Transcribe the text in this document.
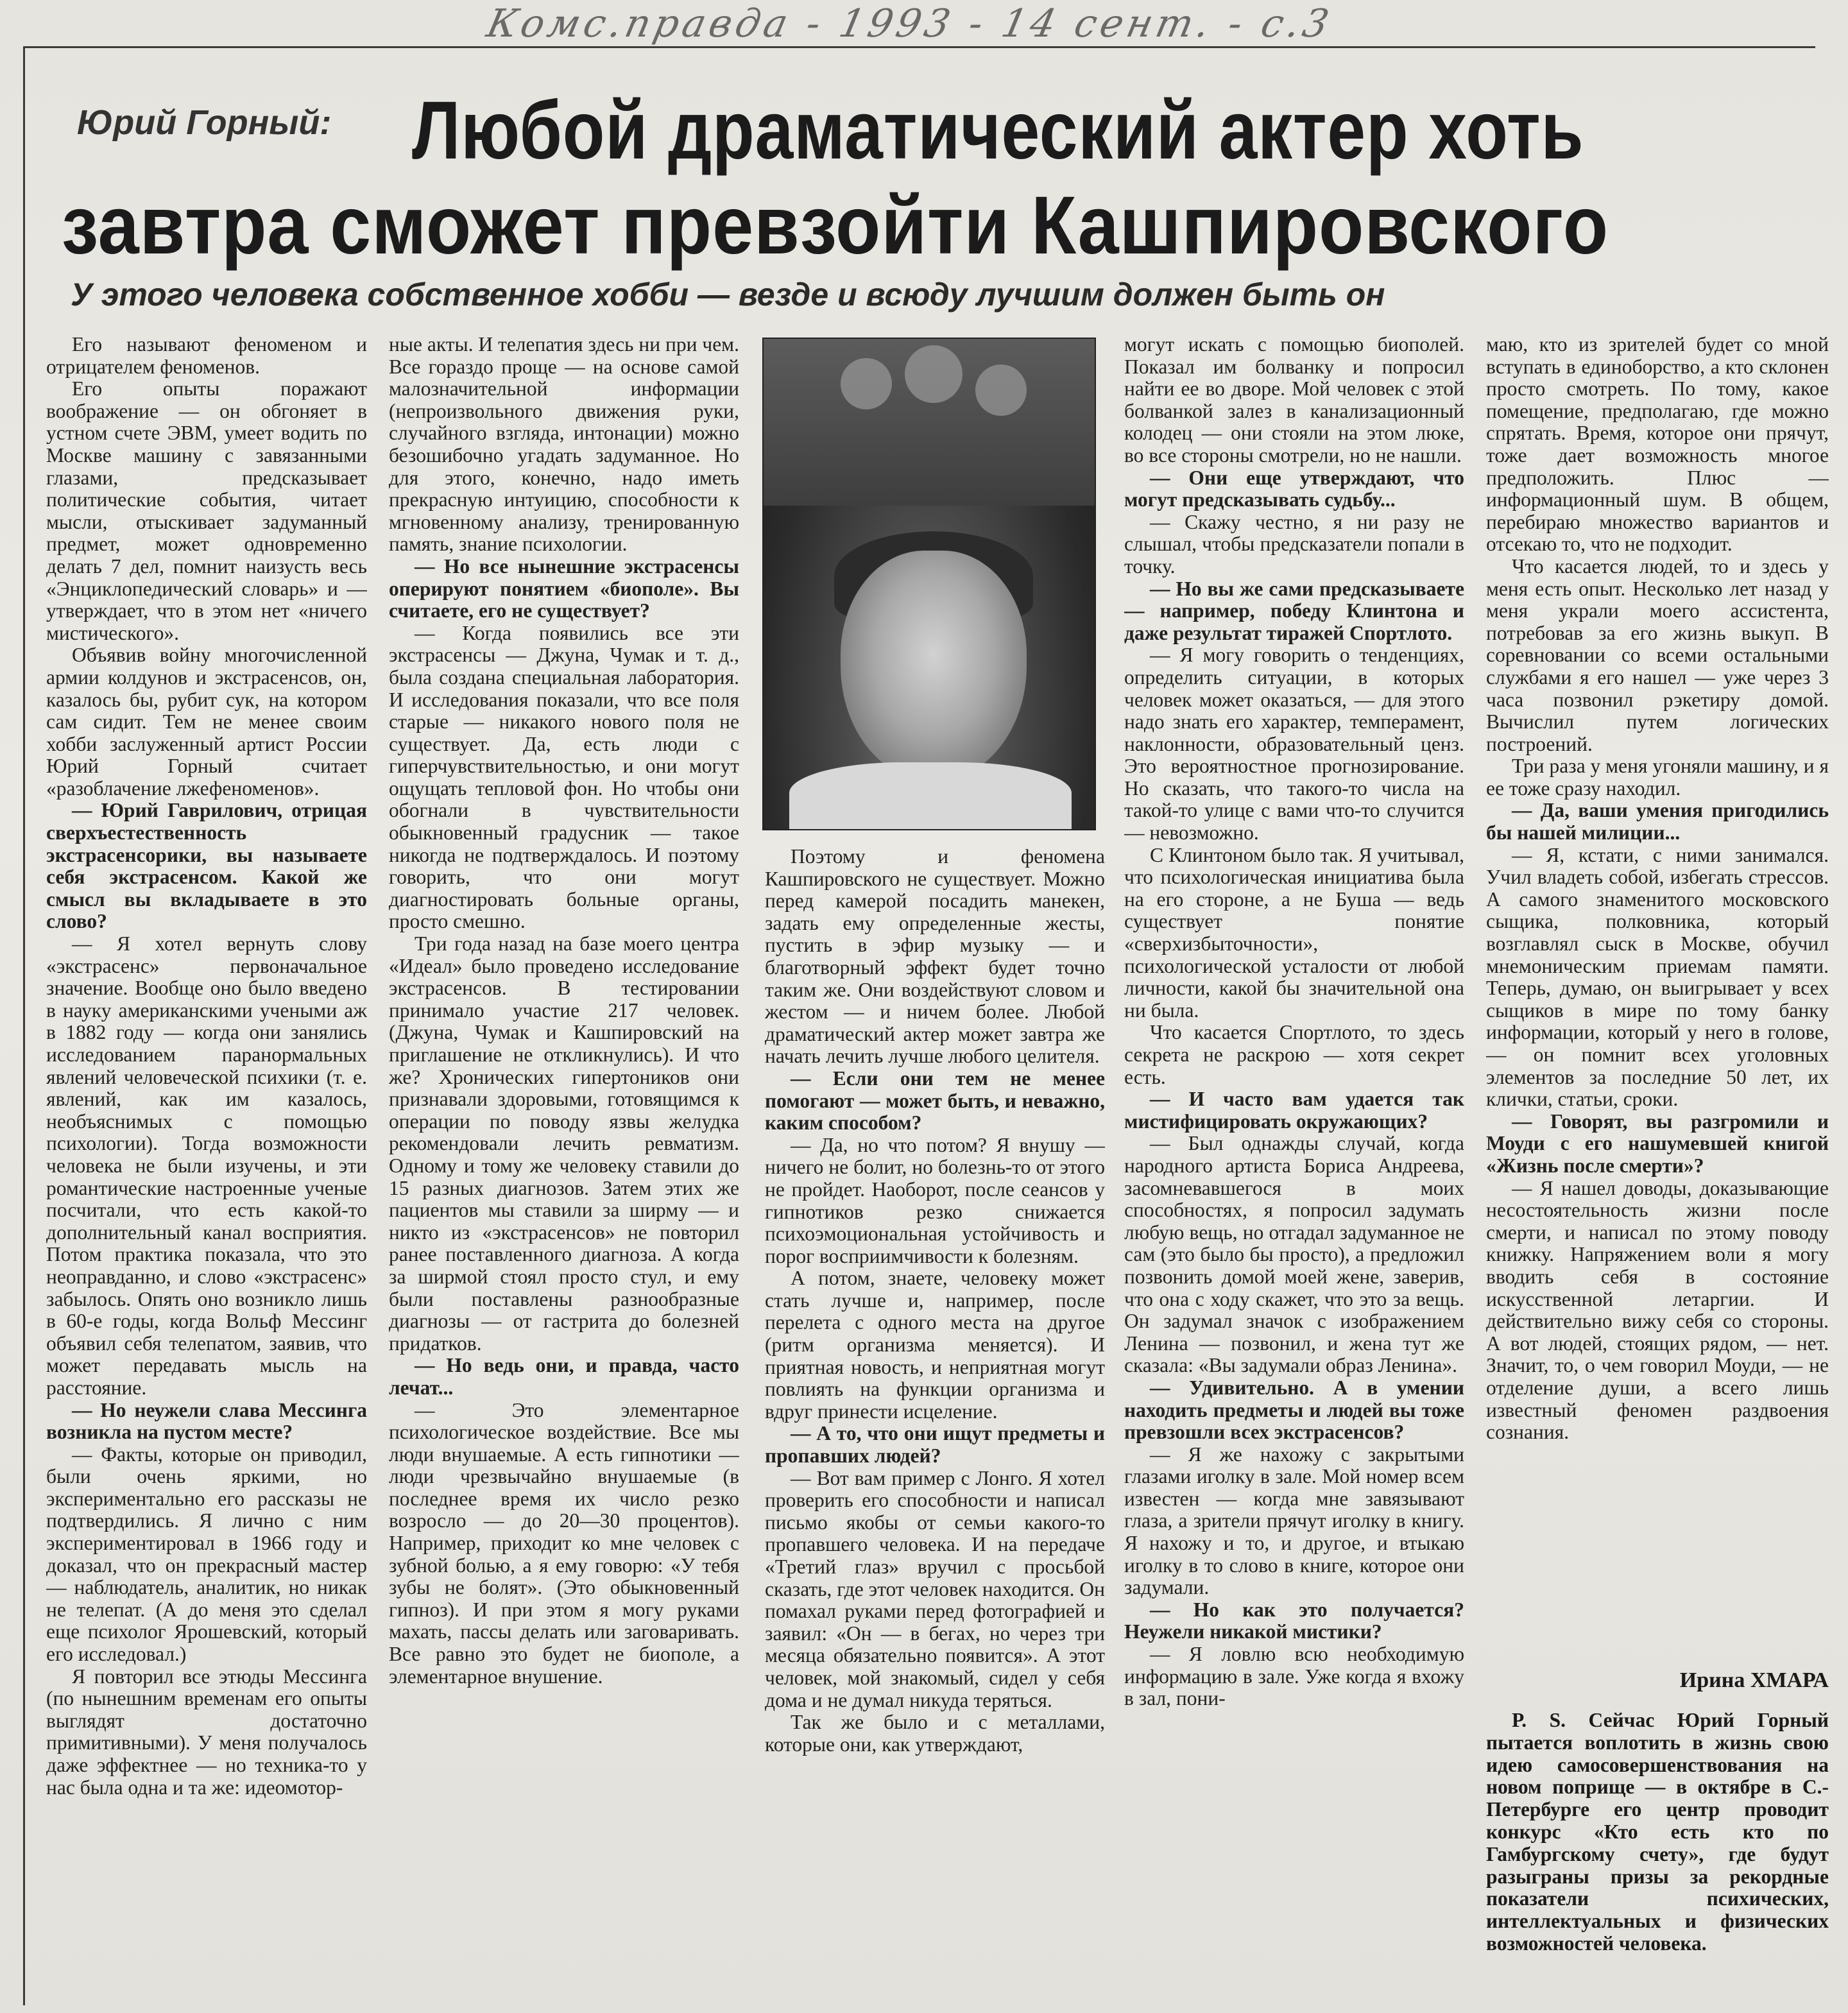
Комс.правда - 1993 - 14 сент. - с.3
Юрий Горный: Любой драматический актер хоть
завтра сможет превзойти Кашпировского
У этого человека собственное хобби — везде и всюду лучшим должен быть он

Его называют феноменом и отрицателем феноменов.

Его опыты поражают воображение — он обгоняет в устном счете ЭВМ, умеет водить по Москве машину с завязанными глазами, предсказывает политические события, читает мысли, отыскивает задуманный предмет, может одновременно делать 7 дел, помнит наизусть весь «Энциклопедический словарь» и — утверждает, что в этом нет «ничего мистического».

Объявив войну многочисленной армии колдунов и экстрасенсов, он, казалось бы, рубит сук, на котором сам сидит. Тем не менее своим хобби заслуженный артист России Юрий Горный считает «разоблачение лжефеноменов».

— Юрий Гаврилович, отрицая сверхъестественность экстрасенсорики, вы называете себя экстрасенсом. Какой же смысл вы вкладываете в это слово?

— Я хотел вернуть слову «экстрасенс» первоначальное значение. Вообще оно было введено в науку американскими учеными аж в 1882 году — когда они занялись исследованием паранормальных явлений человеческой психики (т. е. явлений, как им казалось, необъяснимых с помощью психологии). Тогда возможности человека не были изучены, и эти романтические настроенные ученые посчитали, что есть какой-то дополнительный канал восприятия. Потом практика показала, что это неоправданно, и слово «экстрасенс» забылось. Опять оно возникло лишь в 60-е годы, когда Вольф Мессинг объявил себя телепатом, заявив, что может передавать мысль на расстояние.

— Но неужели слава Мессинга возникла на пустом месте?

— Факты, которые он приводил, были очень яркими, но экспериментально его рассказы не подтвердились. Я лично с ним экспериментировал в 1966 году и доказал, что он прекрасный мастер — наблюдатель, аналитик, но никак не телепат. (А до меня это сделал еще психолог Ярошевский, который его исследовал.)

Я повторил все этюды Мессинга (по нынешним временам его опыты выглядят достаточно примитивными). У меня получалось даже эффектнее — но техника-то у нас была одна и та же: идеомотор-

ные акты. И телепатия здесь ни при чем. Все гораздо проще — на основе самой малозначительной информации (непроизвольного движения руки, случайного взгляда, интонации) можно безошибочно угадать задуманное. Но для этого, конечно, надо иметь прекрасную интуицию, способности к мгновенному анализу, тренированную память, знание психологии.

— Но все нынешние экстрасенсы оперируют понятием «биополе». Вы считаете, его не существует?

— Когда появились все эти экстрасенсы — Джуна, Чумак и т. д., была создана специальная лаборатория. И исследования показали, что все поля старые — никакого нового поля не существует. Да, есть люди с гиперчувствительностью, и они могут ощущать тепловой фон. Но чтобы они обогнали в чувствительности обыкновенный градусник — такое никогда не подтверждалось. И поэтому говорить, что они могут диагностировать больные органы, просто смешно.

Три года назад на базе моего центра «Идеал» было проведено исследование экстрасенсов. В тестировании принимало участие 217 человек. (Джуна, Чумак и Кашпировский на приглашение не откликнулись). И что же? Хронических гипертоников они признавали здоровыми, готовящимся к операции по поводу язвы желудка рекомендовали лечить ревматизм. Одному и тому же человеку ставили до 15 разных диагнозов. Затем этих же пациентов мы ставили за ширму — и никто из «экстрасенсов» не повторил ранее поставленного диагноза. А когда за ширмой стоял просто стул, и ему были поставлены разнообразные диагнозы — от гастрита до болезней придатков.

— Но ведь они, и правда, часто лечат...

— Это элементарное психологическое воздействие. Все мы люди внушаемые. А есть гипнотики — люди чрезвычайно внушаемые (в последнее время их число резко возросло — до 20—30 процентов). Например, приходит ко мне человек с зубной болью, а я ему говорю: «У тебя зубы не болят». (Это обыкновенный гипноз). И при этом я могу руками махать, пассы делать или заговаривать. Все равно это будет не биополе, а элементарное внушение.

Поэтому и феномена Кашпировского не существует. Можно перед камерой посадить манекен, задать ему определенные жесты, пустить в эфир музыку — и благотворный эффект будет точно таким же. Они воздействуют словом и жестом — и ничем более. Любой драматический актер может завтра же начать лечить лучше любого целителя.

— Если они тем не менее помогают — может быть, и неважно, каким способом?

— Да, но что потом? Я внушу — ничего не болит, но болезнь-то от этого не пройдет. Наоборот, после сеансов у гипнотиков резко снижается психоэмоциональная устойчивость и порог восприимчивости к болезням.

А потом, знаете, человеку может стать лучше и, например, после перелета с одного места на другое (ритм организма меняется). И приятная новость, и неприятная могут повлиять на функции организма и вдруг принести исцеление.

— А то, что они ищут предметы и пропавших людей?

— Вот вам пример с Лонго. Я хотел проверить его способности и написал письмо якобы от семьи какого-то пропавшего человека. И на передаче «Третий глаз» вручил с просьбой сказать, где этот человек находится. Он помахал руками перед фотографией и заявил: «Он — в бегах, но через три месяца обязательно появится». А этот человек, мой знакомый, сидел у себя дома и не думал никуда теряться.

Так же было и с металлами, которые они, как утверждают,

могут искать с помощью биополей. Показал им болванку и попросил найти ее во дворе. Мой человек с этой болванкой залез в канализационный колодец — они стояли на этом люке, во все стороны смотрели, но не нашли.

— Они еще утверждают, что могут предсказывать судьбу...

— Скажу честно, я ни разу не слышал, чтобы предсказатели попали в точку.

— Но вы же сами предсказываете — например, победу Клинтона и даже результат тиражей Спортлото.

— Я могу говорить о тенденциях, определить ситуации, в которых человек может оказаться, — для этого надо знать его характер, темперамент, наклонности, образовательный ценз. Это вероятностное прогнозирование. Но сказать, что такого-то числа на такой-то улице с вами что-то случится — невозможно.

С Клинтоном было так. Я учитывал, что психологическая инициатива была на его стороне, а не Буша — ведь существует понятие «сверхизбыточности», психологической усталости от любой личности, какой бы значительной она ни была.

Что касается Спортлото, то здесь секрета не раскрою — хотя секрет есть.

— И часто вам удается так мистифицировать окружающих?

— Был однажды случай, когда народного артиста Бориса Андреева, засомневавшегося в моих способностях, я попросил задумать любую вещь, но отгадал задуманное не сам (это было бы просто), а предложил позвонить домой моей жене, заверив, что она с ходу скажет, что это за вещь. Он задумал значок с изображением Ленина — позвонил, и жена тут же сказала: «Вы задумали образ Ленина».

— Удивительно. А в умении находить предметы и людей вы тоже превзошли всех экстрасенсов?

— Я же нахожу с закрытыми глазами иголку в зале. Мой номер всем известен — когда мне завязывают глаза, а зрители прячут иголку в книгу. Я нахожу и то, и другое, и втыкаю иголку в то слово в книге, которое они задумали.

— Но как это получается? Неужели никакой мистики?

— Я ловлю всю необходимую информацию в зале. Уже когда я вхожу в зал, пони-

маю, кто из зрителей будет со мной вступать в единоборство, а кто склонен просто смотреть. По тому, какое помещение, предполагаю, где можно спрятать. Время, которое они прячут, тоже дает возможность многое предположить. Плюс — информационный шум. В общем, перебираю множество вариантов и отсекаю то, что не подходит.

Что касается людей, то и здесь у меня есть опыт. Несколько лет назад у меня украли моего ассистента, потребовав за его жизнь выкуп. В соревновании со всеми остальными службами я его нашел — уже через 3 часа позвонил рэкетиру домой. Вычислил путем логических построений.

Три раза у меня угоняли машину, и я ее тоже сразу находил.

— Да, ваши умения пригодились бы нашей милиции...

— Я, кстати, с ними занимался. Учил владеть собой, избегать стрессов. А самого знаменитого московского сыщика, полковника, который возглавлял сыск в Москве, обучил мнемоническим приемам памяти. Теперь, думаю, он выигрывает у всех сыщиков в мире по тому банку информации, который у него в голове, — он помнит всех уголовных элементов за последние 50 лет, их клички, статьи, сроки.

— Говорят, вы разгромили и Моуди с его нашумевшей книгой «Жизнь после смерти»?

— Я нашел доводы, доказывающие несостоятельность жизни после смерти, и написал по этому поводу книжку. Напряжением воли я могу вводить себя в состояние искусственной летаргии. И действительно вижу себя со стороны. А вот людей, стоящих рядом, — нет. Значит, то, о чем говорил Моуди, — не отделение души, а всего лишь известный феномен раздвоения сознания.

Ирина ХМАРА

Р. S. Сейчас Юрий Горный пытается воплотить в жизнь свою идею самосовершенствования на новом поприще — в октябре в С.-Петербурге его центр проводит конкурс «Кто есть кто по Гамбургскому счету», где будут разыграны призы за рекордные показатели психических, интеллектуальных и физических возможностей человека.
